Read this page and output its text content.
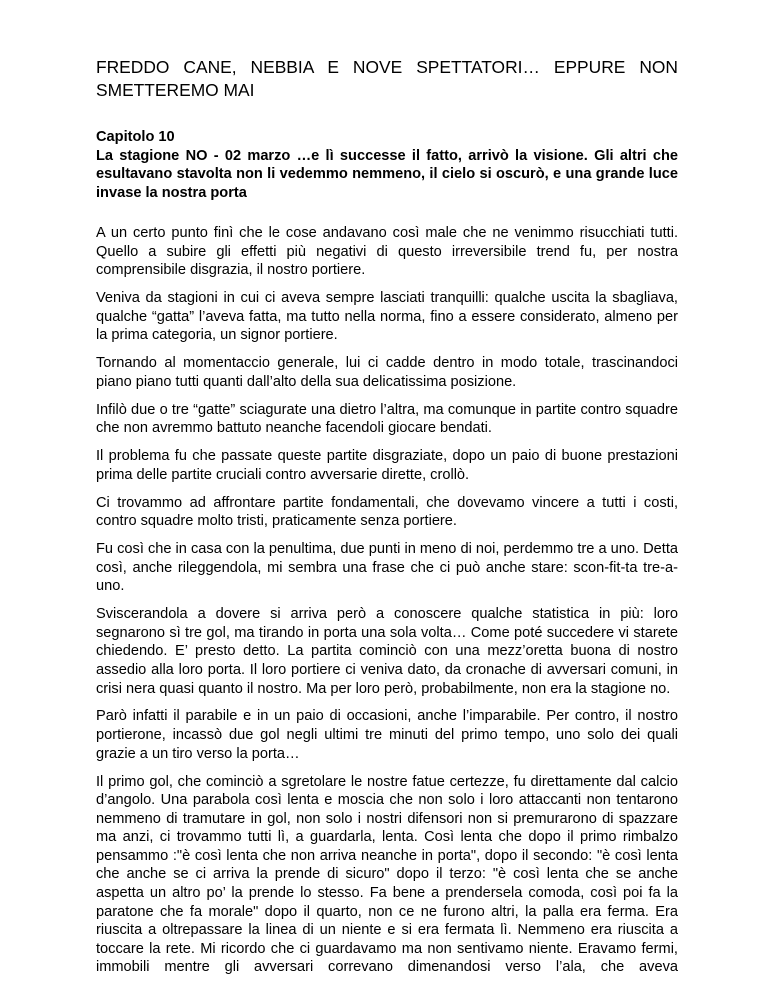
FREDDO CANE, NEBBIA E NOVE SPETTATORI… EPPURE NON SMETTEREMO MAI
Capitolo 10

La stagione NO - 02 marzo …e lì successe il fatto, arrivò la visione. Gli altri che esultavano stavolta non li vedemmo nemmeno, il cielo si oscurò, e una grande luce invase la nostra porta

A un certo punto finì che le cose andavano così male che ne venimmo risucchiati tutti. Quello a subire gli effetti più negativi di questo irreversibile trend fu, per nostra comprensibile disgrazia, il nostro portiere.

Veniva da stagioni in cui ci aveva sempre lasciati tranquilli: qualche uscita la sbagliava, qualche “gatta” l’aveva fatta, ma tutto nella norma, fino a essere considerato, almeno per la prima categoria, un signor portiere.

Tornando al momentaccio generale, lui ci cadde dentro in modo totale, trascinandoci piano piano tutti quanti dall’alto della sua delicatissima posizione.

Infilò due o tre “gatte” sciagurate una dietro l’altra, ma comunque in partite contro squadre che non avremmo battuto neanche facendoli giocare bendati.

Il problema fu che passate queste partite disgraziate, dopo un paio di buone prestazioni prima delle partite cruciali contro avversarie dirette, crollò.

Ci trovammo ad affrontare partite fondamentali, che dovevamo vincere a tutti i costi, contro squadre molto tristi, praticamente senza portiere.

Fu così che in casa con la penultima, due punti in meno di noi, perdemmo tre a uno. Detta così, anche rileggendola, mi sembra una frase che ci può anche stare: scon-fit-ta tre-a-uno.

Sviscerandola a dovere si arriva però a conoscere qualche statistica in più: loro segnarono sì tre gol, ma tirando in porta una sola volta… Come poté succedere vi starete chiedendo. E’ presto detto. La partita cominciò con una mezz’oretta buona di nostro assedio alla loro porta. Il loro portiere ci veniva dato, da cronache di avversari comuni, in crisi nera quasi quanto il nostro. Ma per loro però, probabilmente, non era la stagione no.

Parò infatti il parabile e in un paio di occasioni, anche l’imparabile. Per contro, il nostro portierone, incassò due gol negli ultimi tre minuti del primo tempo, uno solo dei quali grazie a un tiro verso la porta…

Il primo gol, che cominciò a sgretolare le nostre fatue certezze, fu direttamente dal calcio d’angolo. Una parabola così lenta e moscia che non solo i loro attaccanti non tentarono nemmeno di tramutare in gol, non solo i nostri difensori non si premurarono di spazzare ma anzi, ci trovammo tutti lì, a guardarla, lenta. Così lenta che dopo il primo rimbalzo pensammo :"è così lenta che non arriva neanche in porta", dopo il secondo: "è così lenta che anche se ci arriva la prende di sicuro" dopo il terzo: "è così lenta che se anche aspetta un altro po’ la prende lo stesso. Fa bene a prendersela comoda, così poi fa la paratone che fa morale" dopo il quarto, non ce ne furono altri, la palla era ferma. Era riuscita a oltrepassare la linea di un niente e si era fermata lì. Nemmeno era riuscita a toccare la rete. Mi ricordo che ci guardavamo ma non sentivamo niente. Eravamo fermi, immobili mentre gli avversari correvano dimenandosi verso l’ala, che aveva
